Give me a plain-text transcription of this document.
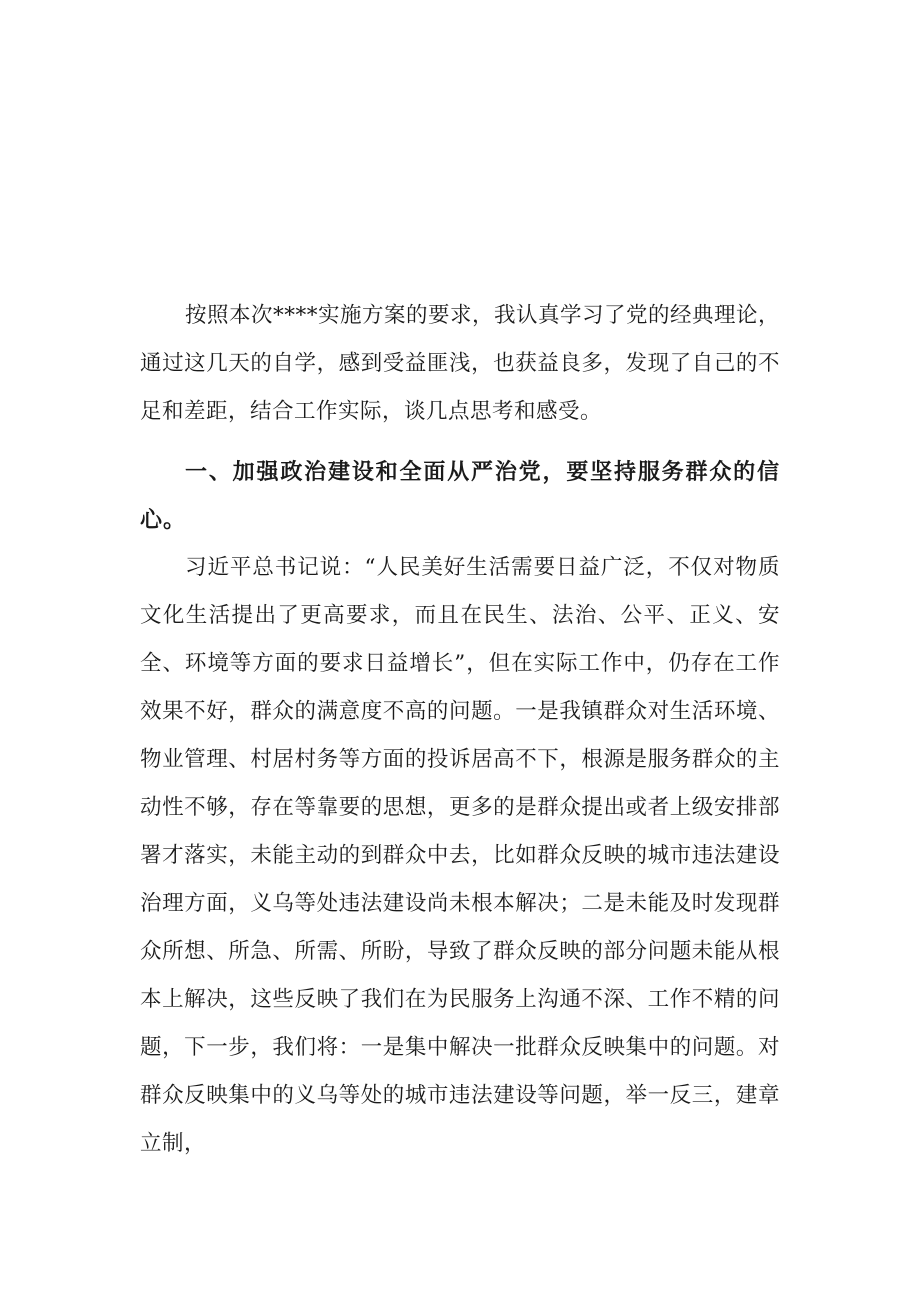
按照本次****实施方案的要求，我认真学习了党的经典理论，通过这几天的自学，感到受益匪浅，也获益良多，发现了自己的不足和差距，结合工作实际，谈几点思考和感受。

一、加强政治建设和全面从严治党，要坚持服务群众的信心。

习近平总书记说：“人民美好生活需要日益广泛，不仅对物质文化生活提出了更高要求，而且在民生、法治、公平、正义、安全、环境等方面的要求日益增长”，但在实际工作中，仍存在工作效果不好，群众的满意度不高的问题。一是我镇群众对生活环境、物业管理、村居村务等方面的投诉居高不下，根源是服务群众的主动性不够，存在等靠要的思想，更多的是群众提出或者上级安排部署才落实，未能主动的到群众中去，比如群众反映的城市违法建设治理方面，义乌等处违法建设尚未根本解决；二是未能及时发现群众所想、所急、所需、所盼，导致了群众反映的部分问题未能从根本上解决，这些反映了我们在为民服务上沟通不深、工作不精的问题，下一步，我们将：一是集中解决一批群众反映集中的问题。对群众反映集中的义乌等处的城市违法建设等问题，举一反三，建章立制，
